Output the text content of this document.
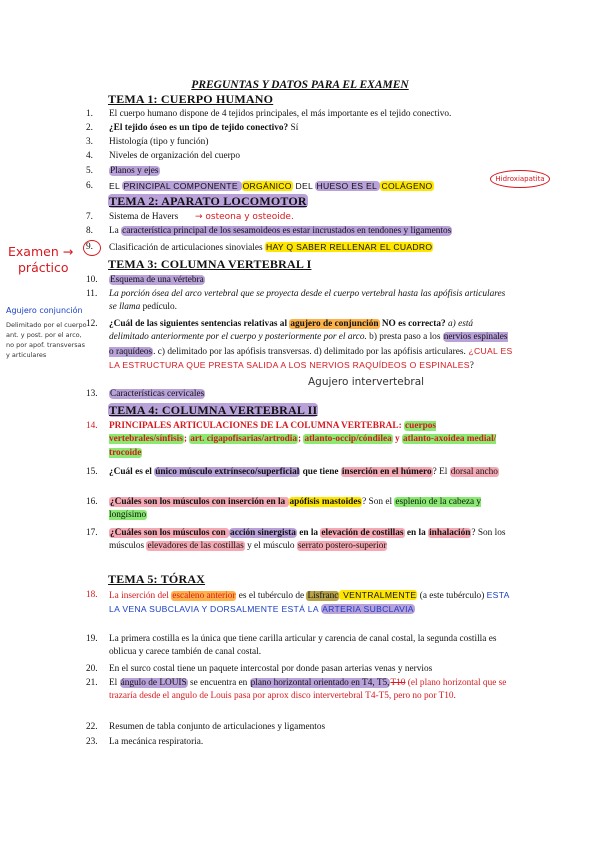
PREGUNTAS Y DATOS PARA EL EXAMEN
TEMA 1: CUERPO HUMANO
1.	El cuerpo humano dispone de 4 tejidos principales, el más importante es el tejido conectivo.
2.	¿El tejido óseo es un tipo de tejido conectivo? Sí
3.	Histología (tipo y función)
4.	Niveles de organización del cuerpo
5.	Planos y ejes
6.	EL PRINCIPAL COMPONENTE ORGÁNICO DEL HUESO ES EL COLÁGENO
TEMA 2: APARATO LOCOMOTOR
7.	Sistema de Havers
8.	La característica principal de los sesamoideos es estar incrustados en tendones y ligamentos
9.	Clasificación de articulaciones sinoviales HAY Q SABER RELLENAR EL CUADRO
TEMA 3: COLUMNA VERTEBRAL I
10.	Esquema de una vértebra
11.	La porción ósea del arco vertebral que se proyecta desde el cuerpo vertebral hasta las apófisis articulares se llama pedículo.
12.	¿Cuál de las siguientes sentencias relativas al agujero de conjunción NO es correcta? a) está delimitado anteriormente por el cuerpo y posteriormente por el arco. b) presta paso a los nervios espinales o raquídeos. c) delimitado por las apófisis transversas. d) delimitado por las apófisis articulares. ¿CUAL ES LA ESTRUCTURA QUE PRESTA SALIDA A LOS NERVIOS RAQUÍDEOS O ESPINALES?
13.	Características cervicales
TEMA 4: COLUMNA VERTEBRAL II
14.	PRINCIPALES ARTICULACIONES DE LA COLUMNA VERTEBRAL: cuerpos vertebrales/sínfisis; art. cigapofisarias/artrodia; atlanto-occip/cóndilea y atlanto-axoidea medial/ trocoide
15.	¿Cuál es el único músculo extrínseco/superficial que tiene inserción en el húmero? El dorsal ancho
16.	¿Cuáles son los músculos con inserción en la apófisis mastoides? Son el esplenio de la cabeza y longísimo
17.	¿Cuáles son los músculos con acción sinergista en la elevación de costillas en la inhalación? Son los músculos elevadores de las costillas y el músculo serrato postero-superior
TEMA 5: TÓRAX
18.	La inserción del escaleno anterior es el tubérculo de Lisfranc VENTRALMENTE (a este tubérculo) ESTA LA VENA SUBCLAVIA Y DORSALMENTE ESTÁ LA ARTERIA SUBCLAVIA
19.	La primera costilla es la única que tiene carilla articular y carencia de canal costal, la segunda costilla es oblicua y carece también de canal costal.
20.	En el surco costal tiene un paquete intercostal por donde pasan arterias venas y nervios
21.	El ángulo de LOUIS se encuentra en plano horizontal orientado en T4, T5,T10 (el plano horizontal que se trazaría desde el angulo de Louis pasa por aprox disco intervertebral T4-T5, pero no por T10.
22.	Resumen de tabla conjunto de articulaciones y ligamentos
23.	La mecánica respiratoria.
Hidroxiapatita
→ osteona y osteoide.
Examen →
práctico
Agujero conjunción
Delimitado por el cuerpo ant. y post. por el arco, no por apof. transversas y articulares
Agujero intervertebral
